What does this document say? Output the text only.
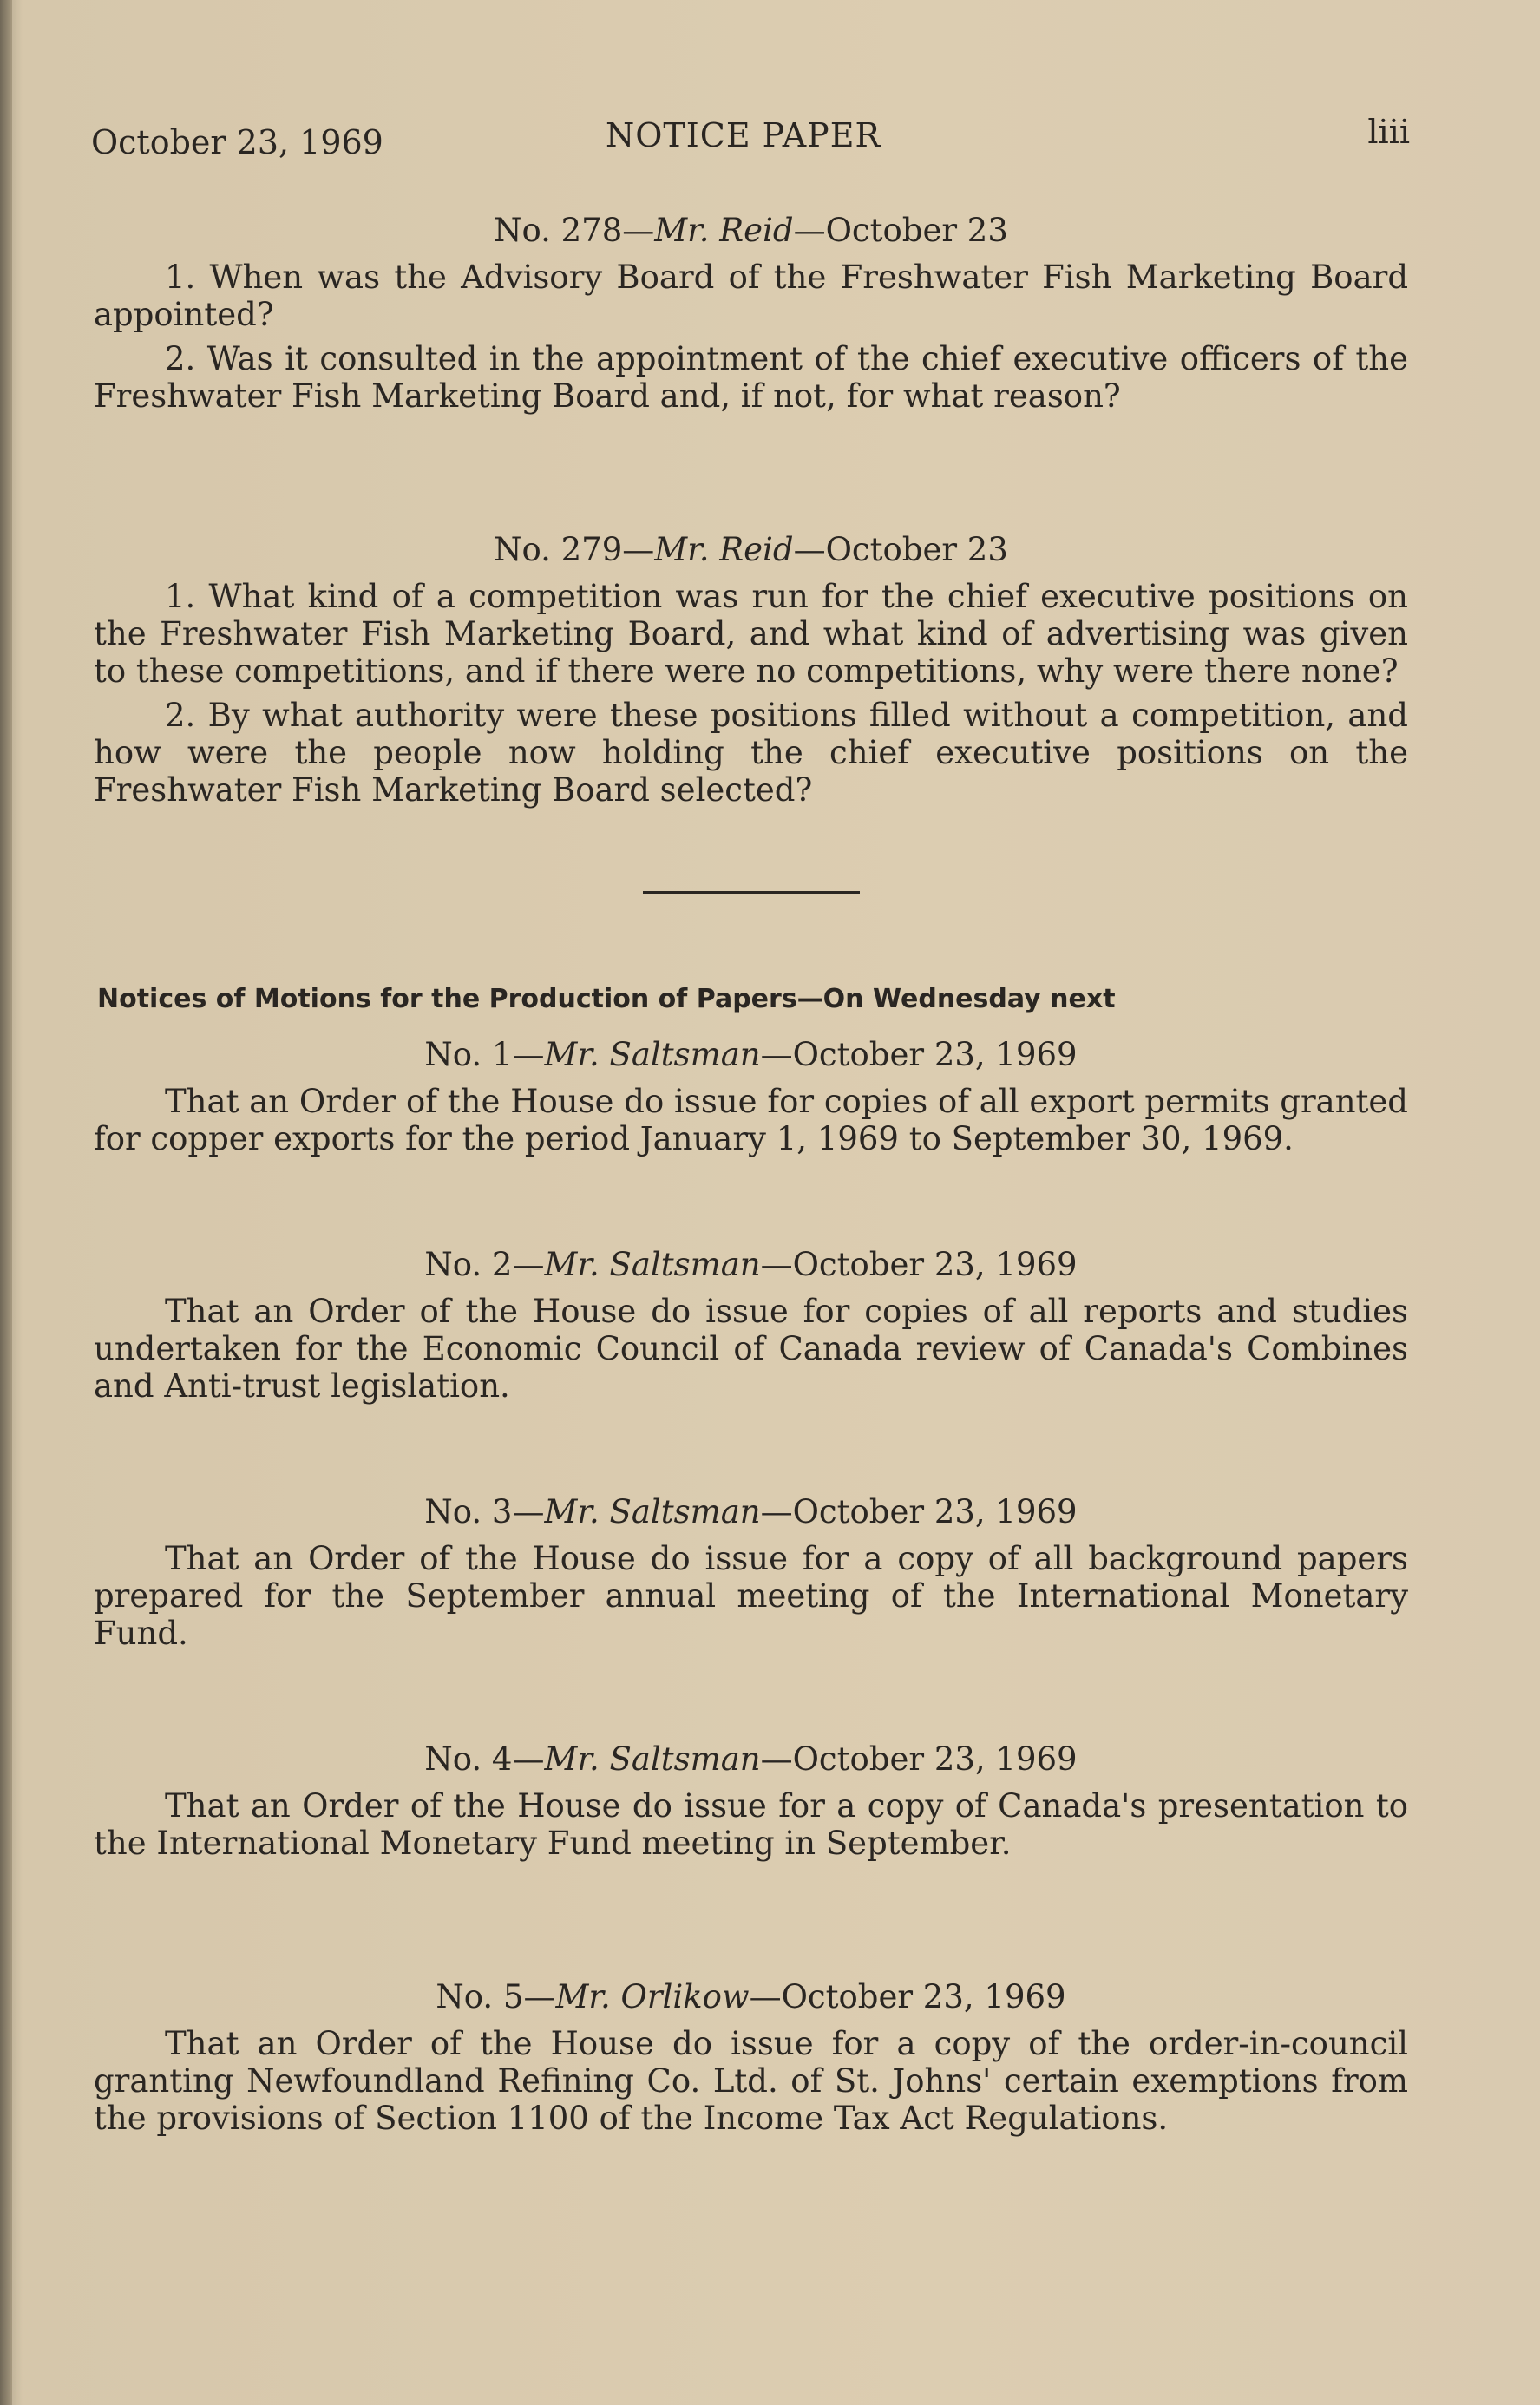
October 23, 1969	NOTICE PAPER	liii

No. 278—Mr. Reid—October 23

1. When was the Advisory Board of the Freshwater Fish Marketing Board appointed?

2. Was it consulted in the appointment of the chief executive officers of the Freshwater Fish Marketing Board and, if not, for what reason?

No. 279—Mr. Reid—October 23

1. What kind of a competition was run for the chief executive positions on the Freshwater Fish Marketing Board, and what kind of advertising was given to these competitions, and if there were no competitions, why were there none?

2. By what authority were these positions filled without a competition, and how were the people now holding the chief executive positions on the Freshwater Fish Marketing Board selected?

Notices of Motions for the Production of Papers—On Wednesday next

No. 1—Mr. Saltsman—October 23, 1969

That an Order of the House do issue for copies of all export permits granted for copper exports for the period January 1, 1969 to September 30, 1969.

No. 2—Mr. Saltsman—October 23, 1969

That an Order of the House do issue for copies of all reports and studies undertaken for the Economic Council of Canada review of Canada's Combines and Anti-trust legislation.

No. 3—Mr. Saltsman—October 23, 1969

That an Order of the House do issue for a copy of all background papers prepared for the September annual meeting of the International Monetary Fund.

No. 4—Mr. Saltsman—October 23, 1969

That an Order of the House do issue for a copy of Canada's presentation to the International Monetary Fund meeting in September.

No. 5—Mr. Orlikow—October 23, 1969

That an Order of the House do issue for a copy of the order-in-council granting Newfoundland Refining Co. Ltd. of St. Johns' certain exemptions from the provisions of Section 1100 of the Income Tax Act Regulations.
